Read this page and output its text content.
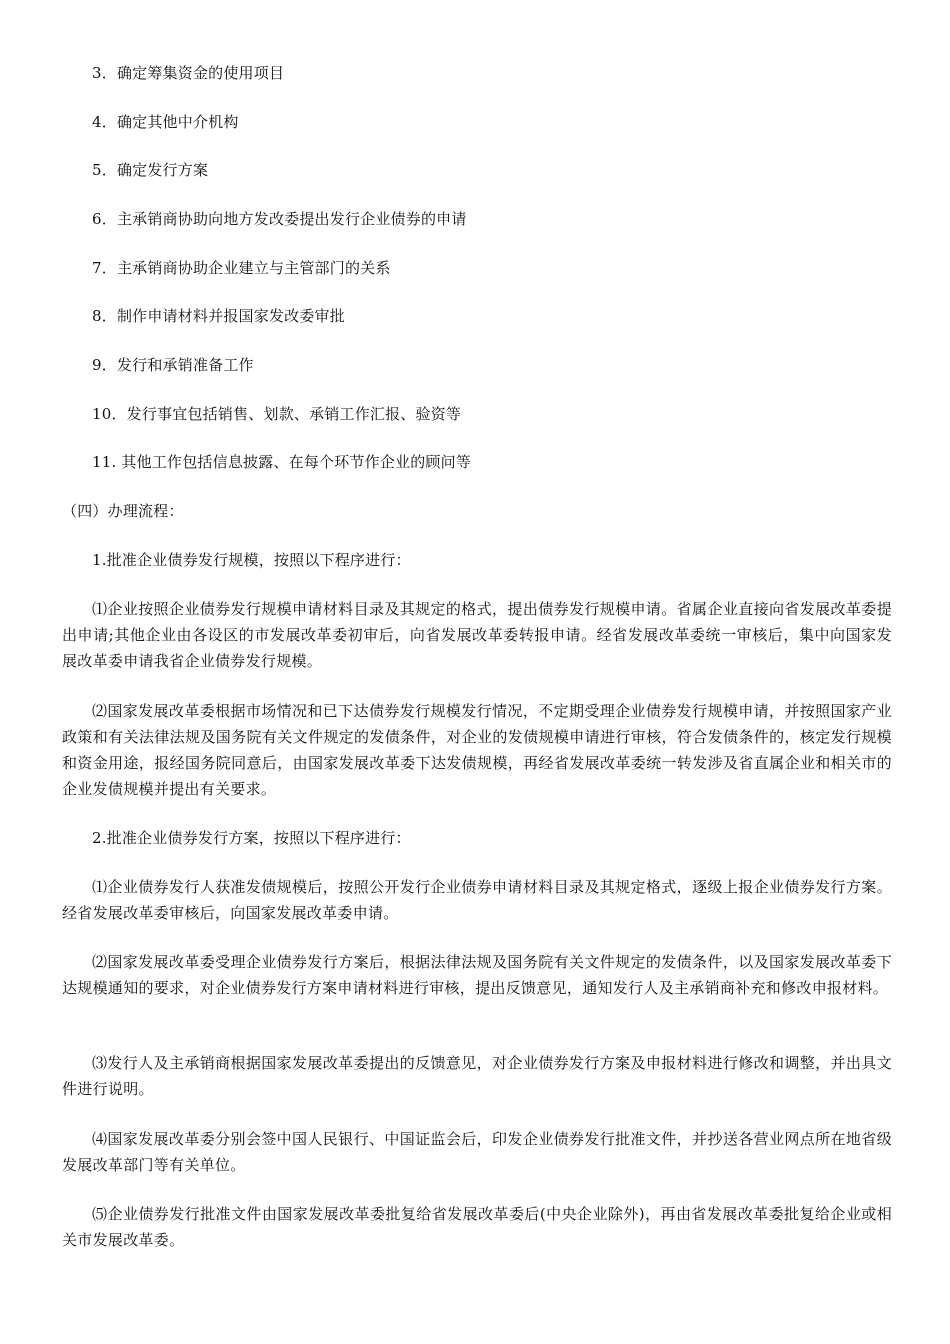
3．确定筹集资金的使用项目
4．确定其他中介机构
5．确定发行方案
6．主承销商协助向地方发改委提出发行企业债券的申请
7．主承销商协助企业建立与主管部门的关系
8．制作申请材料并报国家发改委审批
9．发行和承销准备工作
10．发行事宜包括销售、划款、承销工作汇报、验资等
11. 其他工作包括信息披露、在每个环节作企业的顾问等
（四）办理流程：
1.批准企业债券发行规模，按照以下程序进行：
⑴企业按照企业债券发行规模申请材料目录及其规定的格式，提出债券发行规模申请。省属企业直接向省发展改革委提出申请;其他企业由各设区的市发展改革委初审后，向省发展改革委转报申请。经省发展改革委统一审核后，集中向国家发展改革委申请我省企业债券发行规模。
⑵国家发展改革委根据市场情况和已下达债券发行规模发行情况，不定期受理企业债券发行规模申请，并按照国家产业政策和有关法律法规及国务院有关文件规定的发债条件，对企业的发债规模申请进行审核，符合发债条件的，核定发行规模和资金用途，报经国务院同意后，由国家发展改革委下达发债规模，再经省发展改革委统一转发涉及省直属企业和相关市的企业发债规模并提出有关要求。
2.批准企业债券发行方案，按照以下程序进行：
⑴企业债券发行人获准发债规模后，按照公开发行企业债券申请材料目录及其规定格式，逐级上报企业债券发行方案。经省发展改革委审核后，向国家发展改革委申请。
⑵国家发展改革委受理企业债券发行方案后，根据法律法规及国务院有关文件规定的发债条件，以及国家发展改革委下达规模通知的要求，对企业债券发行方案申请材料进行审核，提出反馈意见，通知发行人及主承销商补充和修改申报材料。
⑶发行人及主承销商根据国家发展改革委提出的反馈意见，对企业债券发行方案及申报材料进行修改和调整，并出具文件进行说明。
⑷国家发展改革委分别会签中国人民银行、中国证监会后，印发企业债券发行批准文件，并抄送各营业网点所在地省级发展改革部门等有关单位。
⑸企业债券发行批准文件由国家发展改革委批复给省发展改革委后(中央企业除外)，再由省发展改革委批复给企业或相关市发展改革委。
